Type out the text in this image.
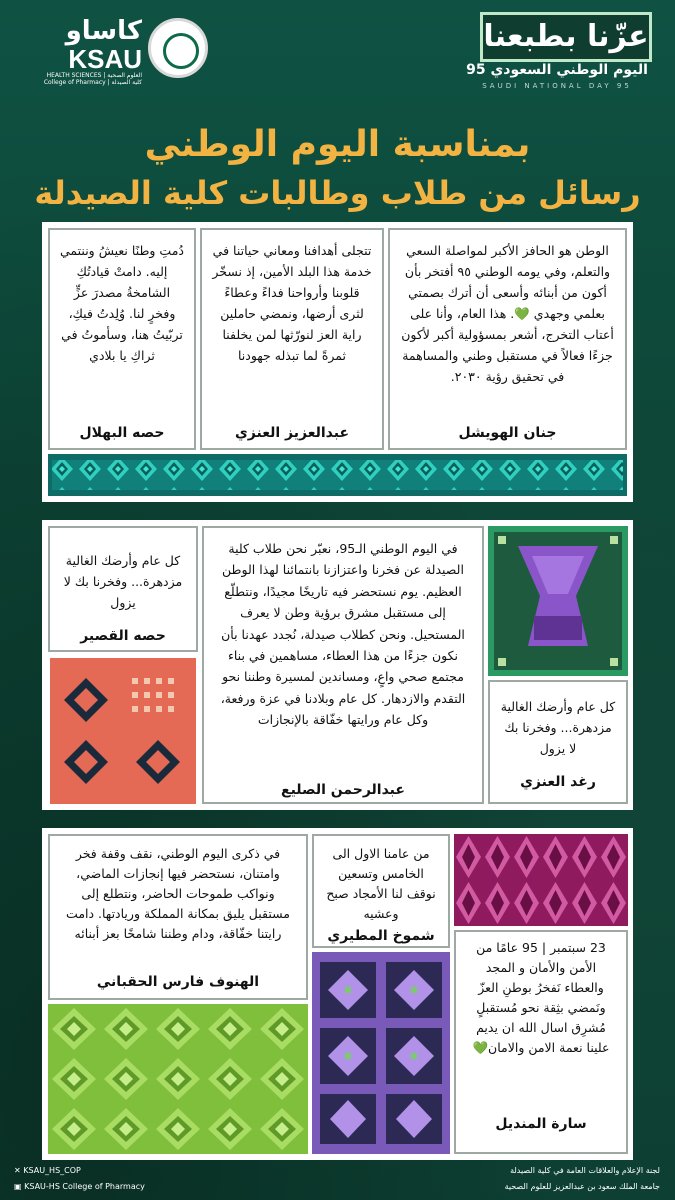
كاساو
KSAU
HEALTH SCIENCES | العلوم الصحية
College of Pharmacy | كلية الصيدلة
عزّنا بطبعنا
اليوم الوطني السعودي 95
SAUDI NATIONAL DAY 95
بمناسبة اليوم الوطني
رسائل من طلاب وطالبات كلية الصيدلة
الوطن هو الحافز الأكبر لمواصلة السعي والتعلم، وفي يومه الوطني ٩٥ أفتخر بأن أكون من أبنائه وأسعى أن أترك بصمتي بعلمي وجهدي 💚. هذا العام، وأنا على أعتاب التخرج، أشعر بمسؤولية أكبر لأكون جزءًا فعالاً في مستقبل وطني والمساهمة في تحقيق رؤية ٢٠٣٠.
جنان الهويشل
تتجلى أهدافنا ومعاني حياتنا في خدمة هذا البلد الأمين، إذ نسخّر قلوبنا وأرواحنا فداءً وعطاءً لثرى أرضها، ونمضي حاملين راية العز لنورّثها لمن يخلفنا ثمرةً لما تبذله جهودنا
عبدالعزيز العنزي
دُمتِ وطنًا نعيشُ وننتمي إليه. دامتْ قيادتُكِ الشامخةُ مصدرَ عزٍّ وفخرٍ لنا. وُلِدتُ فيكِ، تربّيتُ هنا، وسأموتُ في ثراكِ يا بلادي
حصه البهلال
كل عام وأرضك الغالية مزدهرة... وفخرنا بك لا يزول
حصه القصير
في اليوم الوطني الـ95، نعبّر نحن طلاب كلية الصيدلة عن فخرنا واعتزازنا بانتمائنا لهذا الوطن العظيم. يوم نستحضر فيه تاريخًا مجيدًا، ونتطلّع إلى مستقبل مشرق برؤية وطن لا يعرف المستحيل. ونحن كطلاب صيدلة، نُجدد عهدنا بأن نكون جزءًا من هذا العطاء، مساهمين في بناء مجتمع صحي واعٍ، ومساندين لمسيرة وطننا نحو التقدم والازدهار. كل عام وبلادنا في عزة ورفعة، وكل عام ورايتها خفّاقة بالإنجازات
عبدالرحمن الصليع
كل عام وأرضك الغالية مزدهرة... وفخرنا بك لا يزول
رغد العنزي
في ذكرى اليوم الوطني، نقف وقفة فخر وامتنان، نستحضر فيها إنجازات الماضي، ونواكب طموحات الحاضر، ونتطلع إلى مستقبل يليق بمكانة المملكة وريادتها. دامت رايتنا خفّاقة، ودام وطننا شامخًا بعز أبنائه
الهنوف فارس الحقباني
من عامنا الاول الى الخامس وتسعين نوقف لنا الأمجاد صبح وعشيه
شموخ المطيري
23 سبتمبر | 95 عامًا من الأمن والأمان و المجد والعطاء نَفخرُ بوطنِ العزّ ونَمضي بثِقة نحو مُستقبلٍ مُشرِق اسال الله ان يديم علينا نعمة الامن والامان💚
سارة المنديل
✕ KSAU_HS_COP
▣ KSAU-HS College of Pharmacy
لجنة الإعلام والعلاقات العامة في كلية الصيدلة
جامعة الملك سعود بن عبدالعزيز للعلوم الصحية
